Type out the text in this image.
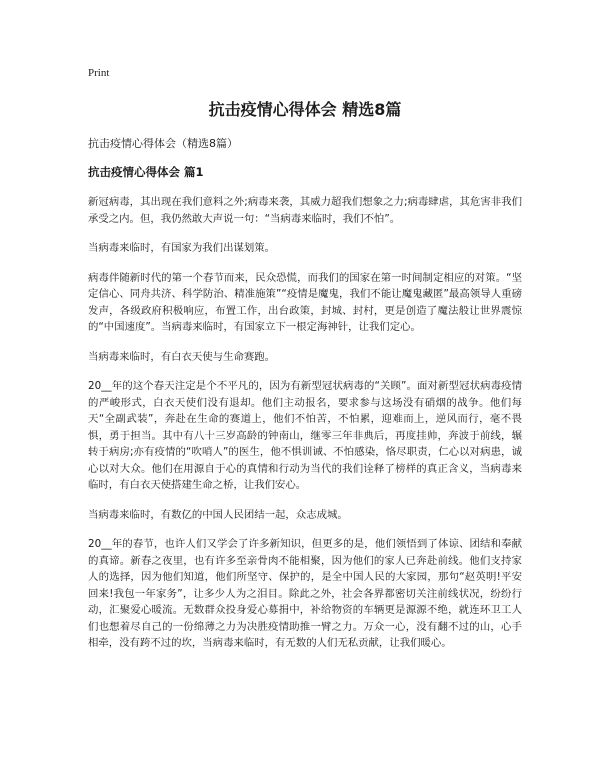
Print
抗击疫情心得体会 精选8篇
抗击疫情心得体会（精选8篇）
抗击疫情心得体会 篇1

新冠病毒，其出现在我们意料之外;病毒来袭，其威力超我们想象之力;病毒肆虐，其危害非我们承受之内。但，我仍然敢大声说一句：“当病毒来临时，我们不怕”。

当病毒来临时，有国家为我们出谋划策。

病毒伴随新时代的第一个春节而来，民众恐慌，而我们的国家在第一时间制定相应的对策。“坚定信心、同舟共济、科学防治、精准施策”“疫情是魔鬼，我们不能让魔鬼藏匿”最高领导人重磅发声，各级政府积极响应，布置工作，出台政策，封城、封村，更是创造了魔法般让世界震惊的“中国速度”。当病毒来临时，有国家立下一根定海神针，让我们定心。

当病毒来临时，有白衣天使与生命赛跑。

20__年的这个春天注定是个不平凡的，因为有新型冠状病毒的“关顾”。面对新型冠状病毒疫情的严峻形式，白衣天使们没有退却。他们主动报名，要求参与这场没有硝烟的战争。他们每天“全副武装”，奔赴在生命的赛道上，他们不怕苦，不怕累，迎难而上，逆风而行，毫不畏惧，勇于担当。其中有八十三岁高龄的钟南山，继零三年非典后，再度挂帅，奔波于前线，辗转于病房;亦有疫情的“吹哨人”的医生，他不惧训诫、不怕感染，恪尽职责，仁心以对病患，诚心以对大众。他们在用源自于心的真情和行动为当代的我们诠释了榜样的真正含义，当病毒来临时，有白衣天使搭建生命之桥，让我们安心。

当病毒来临时，有数亿的中国人民团结一起，众志成城。

20__年的春节，也许人们又学会了许多新知识，但更多的是，他们领悟到了体谅、团结和奉献的真谛。新春之夜里，也有许多至亲骨肉不能相聚，因为他们的家人已奔赴前线。他们支持家人的选择，因为他们知道，他们所坚守、保护的，是全中国人民的大家园，那句“赵英明!平安回来!我包一年家务”，让多少人为之泪目。除此之外，社会各界都密切关注前线状况，纷纷行动，汇聚爱心暖流。无数群众投身爱心募捐中，补给物资的车辆更是源源不绝，就连环卫工人们也想着尽自己的一份绵薄之力为决胜疫情助推一臂之力。万众一心，没有翻不过的山，心手相牵，没有跨不过的坎，当病毒来临时，有无数的人们无私贡献，让我们暖心。
